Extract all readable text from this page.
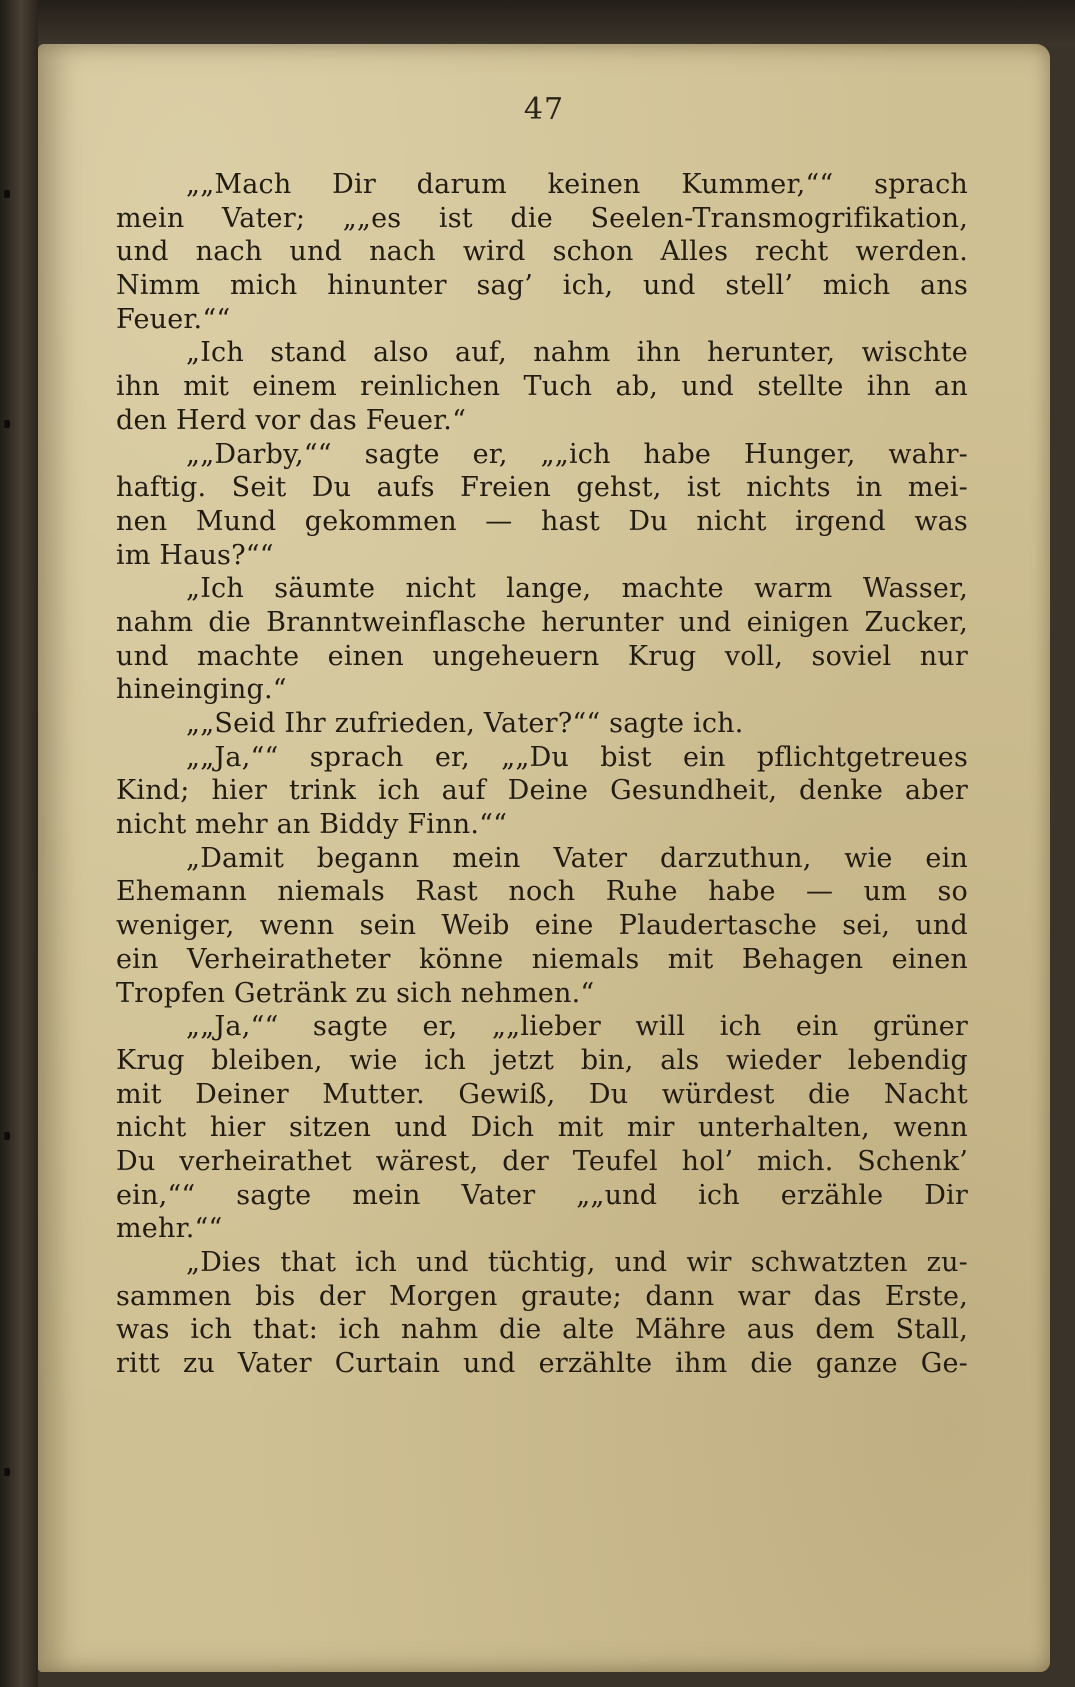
47
„„Mach Dir darum keinen Kummer,““ sprach
mein Vater; „„es ist die Seelen-Transmogrifikation,
und nach und nach wird schon Alles recht werden.
Nimm mich hinunter sag’ ich, und stell’ mich ans
Feuer.““
„Ich stand also auf, nahm ihn herunter, wischte
ihn mit einem reinlichen Tuch ab, und stellte ihn an
den Herd vor das Feuer.“
„„Darby,““ sagte er, „„ich habe Hunger, wahr-
haftig. Seit Du aufs Freien gehst, ist nichts in mei-
nen Mund gekommen — hast Du nicht irgend was
im Haus?““
„Ich säumte nicht lange, machte warm Wasser,
nahm die Branntweinflasche herunter und einigen Zucker,
und machte einen ungeheuern Krug voll, soviel nur
hineinging.“
„„Seid Ihr zufrieden, Vater?““ sagte ich.
„„Ja,““ sprach er, „„Du bist ein pflichtgetreues
Kind; hier trink ich auf Deine Gesundheit, denke aber
nicht mehr an Biddy Finn.““
„Damit begann mein Vater darzuthun, wie ein
Ehemann niemals Rast noch Ruhe habe — um so
weniger, wenn sein Weib eine Plaudertasche sei, und
ein Verheiratheter könne niemals mit Behagen einen
Tropfen Getränk zu sich nehmen.“
„„Ja,““ sagte er, „„lieber will ich ein grüner
Krug bleiben, wie ich jetzt bin, als wieder lebendig
mit Deiner Mutter. Gewiß, Du würdest die Nacht
nicht hier sitzen und Dich mit mir unterhalten, wenn
Du verheirathet wärest, der Teufel hol’ mich. Schenk’
ein,““ sagte mein Vater „„und ich erzähle Dir
mehr.““
„Dies that ich und tüchtig, und wir schwatzten zu-
sammen bis der Morgen graute; dann war das Erste,
was ich that: ich nahm die alte Mähre aus dem Stall,
ritt zu Vater Curtain und erzählte ihm die ganze Ge-
